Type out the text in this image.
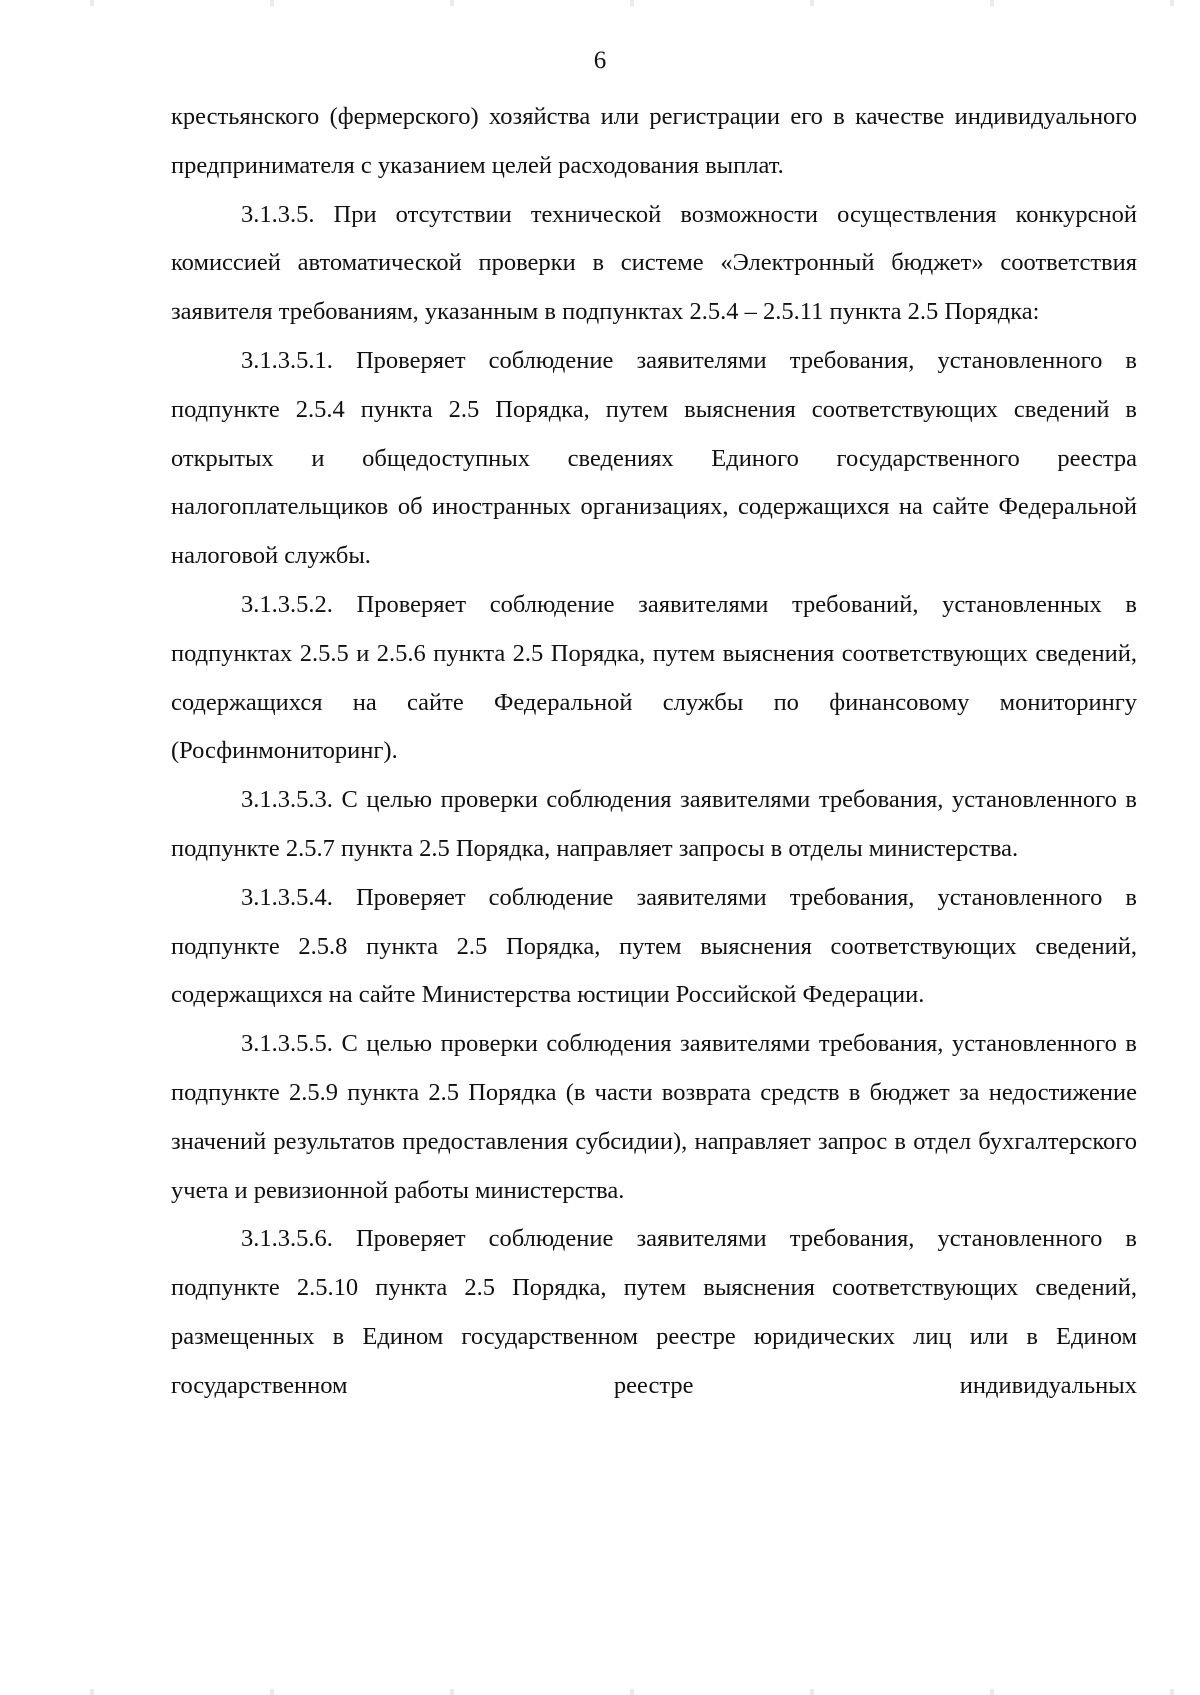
6

крестьянского (фермерского) хозяйства или регистрации его в качестве индивидуального предпринимателя с указанием целей расходования выплат.

3.1.3.5. При отсутствии технической возможности осуществления конкурсной комиссией автоматической проверки в системе «Электронный бюджет» соответствия заявителя требованиям, указанным в подпунктах 2.5.4 – 2.5.11 пункта 2.5 Порядка:

3.1.3.5.1. Проверяет соблюдение заявителями требования, установленного в подпункте 2.5.4 пункта 2.5 Порядка, путем выяснения соответствующих сведений в открытых и общедоступных сведениях Единого государственного реестра налогоплательщиков об иностранных организациях, содержащихся на сайте Федеральной налоговой службы.

3.1.3.5.2. Проверяет соблюдение заявителями требований, установленных в подпунктах 2.5.5 и 2.5.6 пункта 2.5 Порядка, путем выяснения соответствующих сведений, содержащихся на сайте Федеральной службы по финансовому мониторингу (Росфинмониторинг).

3.1.3.5.3. С целью проверки соблюдения заявителями требования, установленного в подпункте 2.5.7 пункта 2.5 Порядка, направляет запросы в отделы министерства.

3.1.3.5.4. Проверяет соблюдение заявителями требования, установленного в подпункте 2.5.8 пункта 2.5 Порядка, путем выяснения соответствующих сведений, содержащихся на сайте Министерства юстиции Российской Федерации.

3.1.3.5.5. С целью проверки соблюдения заявителями требования, установленного в подпункте 2.5.9 пункта 2.5 Порядка (в части возврата средств в бюджет за недостижение значений результатов предоставления субсидии), направляет запрос в отдел бухгалтерского учета и ревизионной работы министерства.

3.1.3.5.6. Проверяет соблюдение заявителями требования, установленного в подпункте 2.5.10 пункта 2.5 Порядка, путем выяснения соответствующих сведений, размещенных в Едином государственном реестре юридических лиц или в Едином государственном реестре индивидуальных
